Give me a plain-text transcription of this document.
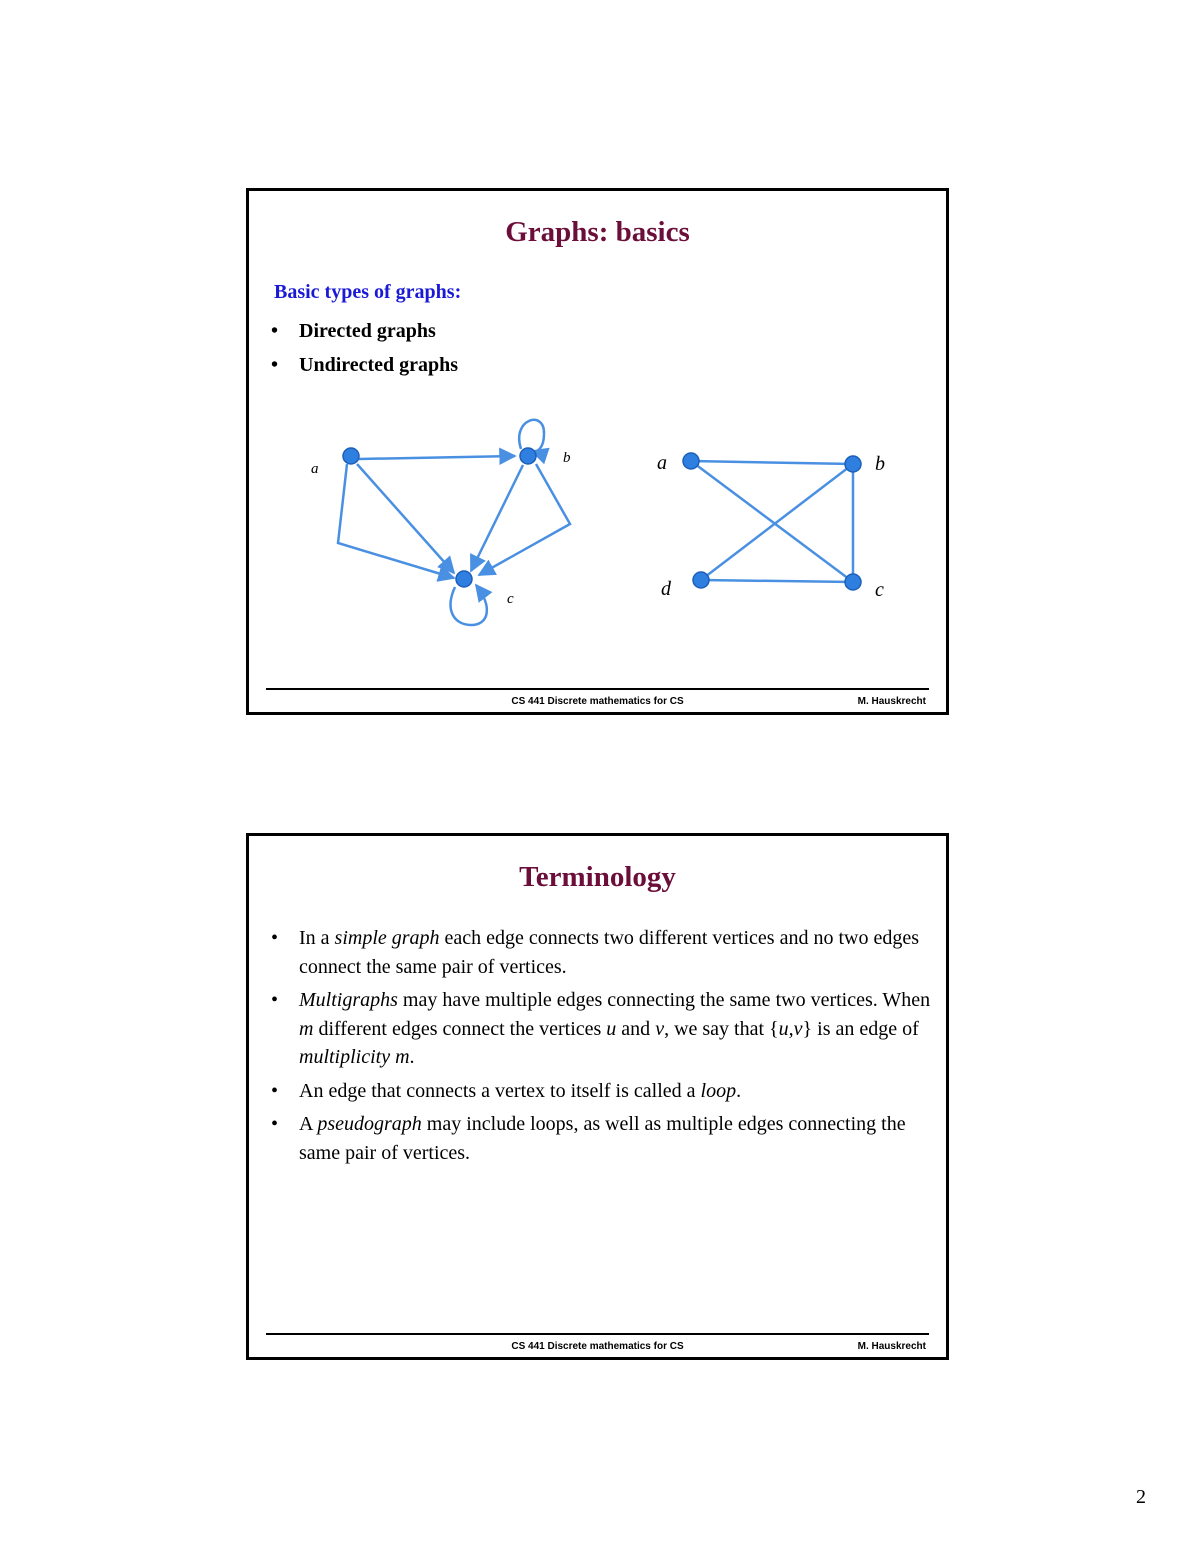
Graphs: basics
Basic types of graphs:
• Directed graphs
• Undirected graphs
a
b
c
a	b
c
d
CS 441 Discrete mathematics for CS	M. Hauskrecht
Terminology
• In a simple graph each edge connects two different vertices and no two edges connect the same pair of vertices.
• Multigraphs may have multiple edges connecting the same two vertices. When m different edges connect the vertices u and v, we say that {u,v} is an edge of multiplicity m.
• An edge that connects a vertex to itself is called a loop.
• A pseudograph may include loops, as well as multiple edges connecting the same pair of vertices.
CS 441 Discrete mathematics for CS	M. Hauskrecht
2
